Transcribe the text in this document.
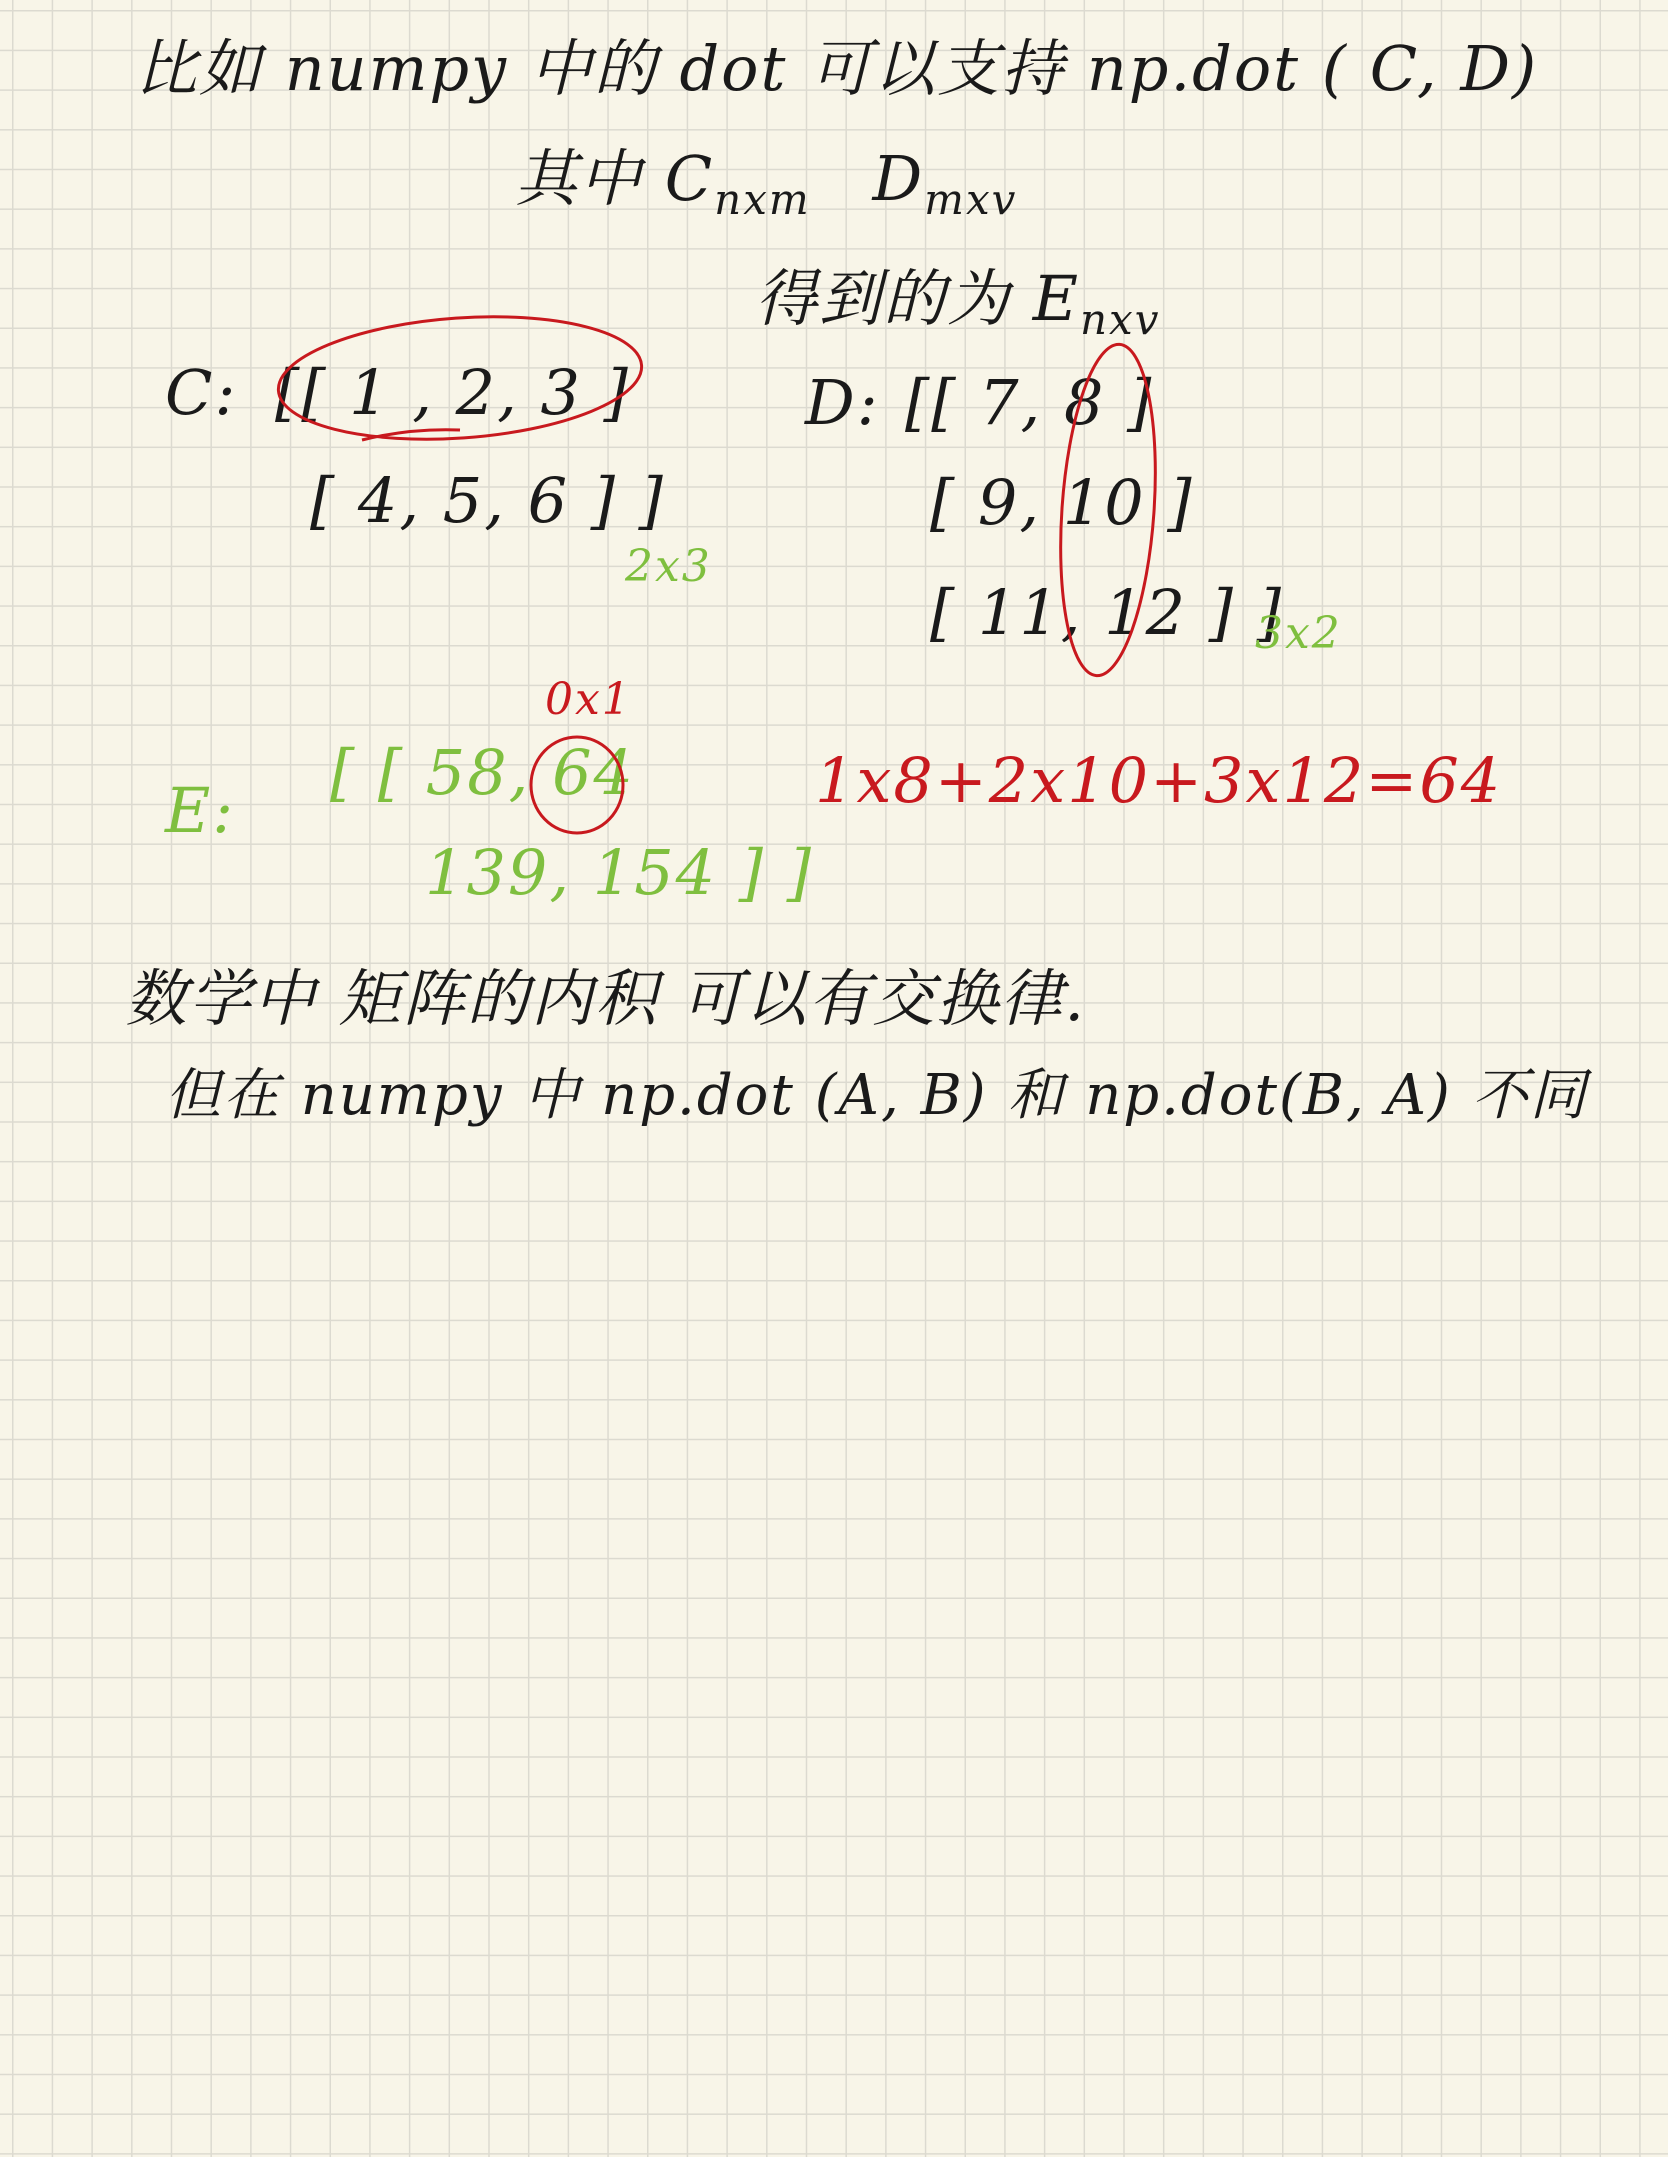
比如 numpy 中的 dot 可以支持 np.dot ( C, D)
其中 $C_{nxm}$ $D_{mxv}$
得到的为 $E_{nxv}$
C: [[ 1 , 2, 3 ]
[ 4, 5, 6 ] ]
2x3
D: [[ 7, 8 ]
[ 9, 10 ]
[ 11, 12 ] ]
3x2
0x1
E:
[ [ 58, 64
139, 154 ] ]
1x8+2x10+3x12=64
数学中 矩阵的内积 可以有交换律.
但在 numpy 中 np.dot (A, B) 和 np.dot(B, A) 不同
